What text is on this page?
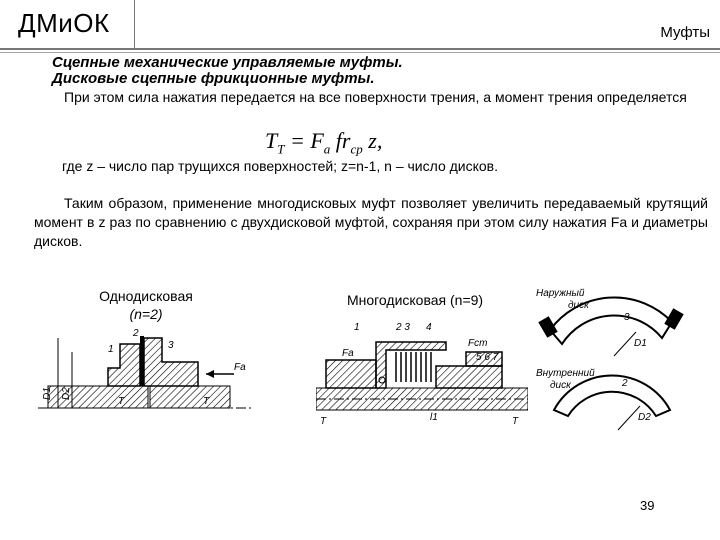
ДМиОК	Муфты
Сцепные механические управляемые муфты.
Дисковые сцепные фрикционные муфты.
При этом сила нажатия передается на все поверхности трения, а момент трения определяется
$T_T = F_a$ $fr_{ср}$ z,
где z – число пар трущихся поверхностей; z=n-1, n – число дисков.
Таким образом, применение многодисковых муфт позволяет увеличить передаваемый крутящий момент в z раз по сравнению с двухдисковой муфтой, сохраняя при этом силу нажатия Fa и диаметры дисков.
Однодисковая
(n=2)
Многодисковая (n=9)
D1 D2
Fa
1
2
3
T	T
1	2 3 4
5 6 7
Fст
Fa
T	T
l1
Наружный
диск
3
D1
Внутренний
диск	2
D2
39
